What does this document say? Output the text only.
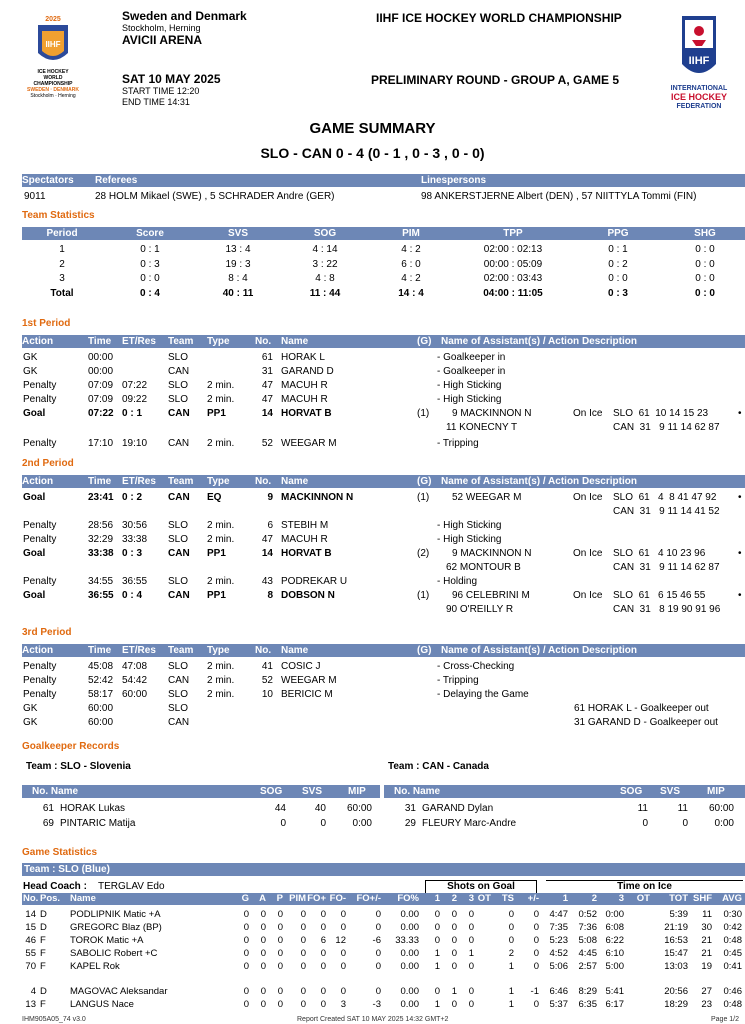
2025
IIHF
ICE HOCKEY
WORLD
CHAMPIONSHIP
SWEDEN · DENMARK
Stockholm · Herning
Sweden and Denmark
Stockholm, Herning
AVICII ARENA
SAT 10 MAY 2025
START TIME 12:20
END TIME 14:31
IIHF ICE HOCKEY WORLD CHAMPIONSHIP
PRELIMINARY ROUND - GROUP A, GAME 5
IIHF
INTERNATIONAL
ICE HOCKEY
FEDERATION
GAME SUMMARY
SLO - CAN 0 - 4 (0 - 1 , 0 - 3 , 0 - 0)
Spectators Referees	Linespersons
9011	28 HOLM Mikael (SWE) , 5 SCHRADER Andre (GER)	98 ANKERSTJERNE Albert (DEN) , 57 NIITTYLA Tommi (FIN)
Team Statistics
Period	Score	SVS	SOG	PIM	TPP	PPG	SHG
1	0 : 1	13 : 4	4 : 14	4 : 2	02:00 : 02:13	0 : 1	0 : 0
2	0 : 3	19 : 3	3 : 22	6 : 0	00:00 : 05:09	0 : 2	0 : 0
3	0 : 0	8 : 4	4 : 8	4 : 2	02:00 : 03:43	0 : 0	0 : 0
Total	0 : 4	40 : 11	11 : 44	14 : 4	04:00 : 11:05	0 : 3	0 : 0
1st Period
Action	Time ET/Res Team Type	No. Name	(G) Name of Assistant(s) / Action Description
GK	00:00	SLO	61 HORAK L	- Goalkeeper in
GK	00:00	CAN	31 GARAND D	- Goalkeeper in
Penalty	07:09 07:22 SLO 2 min.	47 MACUH R	- High Sticking
Penalty	07:09 09:22 SLO 2 min.	47 MACUH R	- High Sticking
Goal	07:22 0 : 1	CAN PP1	14 HORVAT B	(1) 9 MACKINNON N	On Ice SLO  61  10 14 15 23	•
11 KONECNY T	CAN  31   9 11 14 62 87
Penalty	17:10 19:10 CAN 2 min.	52 WEEGAR M	- Tripping
2nd Period
Action	Time ET/Res Team Type	No. Name	(G) Name of Assistant(s) / Action Description
Goal	23:41 0 : 2	CAN EQ	9 MACKINNON N	(1) 52 WEEGAR M	On Ice SLO  61   4  8 41 47 92 •
CAN  31   9 11 14 41 52
Penalty	28:56 30:56 SLO 2 min.	6 STEBIH M	- High Sticking
Penalty	32:29 33:38 SLO 2 min.	47 MACUH R	- High Sticking
Goal	33:38 0 : 3	CAN PP1	14 HORVAT B	(2) 9 MACKINNON N	On Ice SLO  61   4 10 23 96	•
62 MONTOUR B	CAN  31   9 11 14 62 87
Penalty	34:55 36:55 SLO 2 min.	43 PODREKAR U	- Holding
Goal	36:55 0 : 4	CAN PP1	8 DOBSON N	(1) 96 CELEBRINI M	On Ice SLO  61   6 15 46 55	•
90 O'REILLY R	CAN  31   8 19 90 91 96
3rd Period
Action	Time ET/Res Team Type	No. Name	(G) Name of Assistant(s) / Action Description
Penalty	45:08 47:08 SLO 2 min.	41 COSIC J	- Cross-Checking
Penalty	52:42 54:42 CAN 2 min.	52 WEEGAR M	- Tripping
Penalty	58:17 60:00 SLO 2 min.	10 BERICIC M	- Delaying the Game
GK	60:00	SLO	61 HORAK L - Goalkeeper out
GK	60:00	CAN	31 GARAND D - Goalkeeper out
Goalkeeper Records
Team : SLO - Slovenia	Team : CAN - Canada
No. Name	SOG SVS	MIP
61 HORAK Lukas	44	40	60:00
69 PINTARIC Matija	0	0	0:00
No. Name	SOG SVS	MIP
31 GARAND Dylan	11	11	60:00
29 FLEURY Marc-Andre	0	0	0:00
Game Statistics
Team : SLO (Blue)
Head Coach : TERGLAV Edo	Shots on Goal	Time on Ice
No. Pos. Name	G	A	P PIM FO+ FO-	FO+/-	FO%	1	2	3 OT	TS	+/-	1	2	3	OT	TOT SHF	AVG
14 D PODLIPNIK Matic +A	0	0	0	0	0	0	0	0.00	0	0	0	0	0	4:47	0:52 0:00	5:39	11	0:30
15 D GREGORC Blaz (BP)	0	0	0	0	0	0	0	0.00	0	0	0	0	0	7:35	7:36 6:08	21:19	30	0:42
46 F	TOROK Matic +A	0	0	0	0	6 12	-6	33.33	0	0	0	0	0	5:23	5:08 6:22	16:53	21	0:48
55 F	SABOLIC Robert +C	0	0	0	0	0	0	0	0.00	1	0	1	2	0	4:52	4:45 6:10	15:47	21	0:45
70 F	KAPEL Rok	0	0	0	0	0	0	0	0.00	1	0	0	1	0	5:06	2:57 5:00	13:03	19	0:41
4 D MAGOVAC Aleksandar	0	0	0	0	0	0	0	0.00	0	1	0	1	-1	6:46	8:29 5:41	20:56	27	0:46
13 F	LANGUS Nace	0	0	0	0	0	3	-3	0.00	1	0	0	1	0	5:37	6:35 6:17	18:29	23	0:48
IHM905A05_74 v3.0	Report Created SAT 10 MAY 2025 14:32 GMT+2	Page 1/2
